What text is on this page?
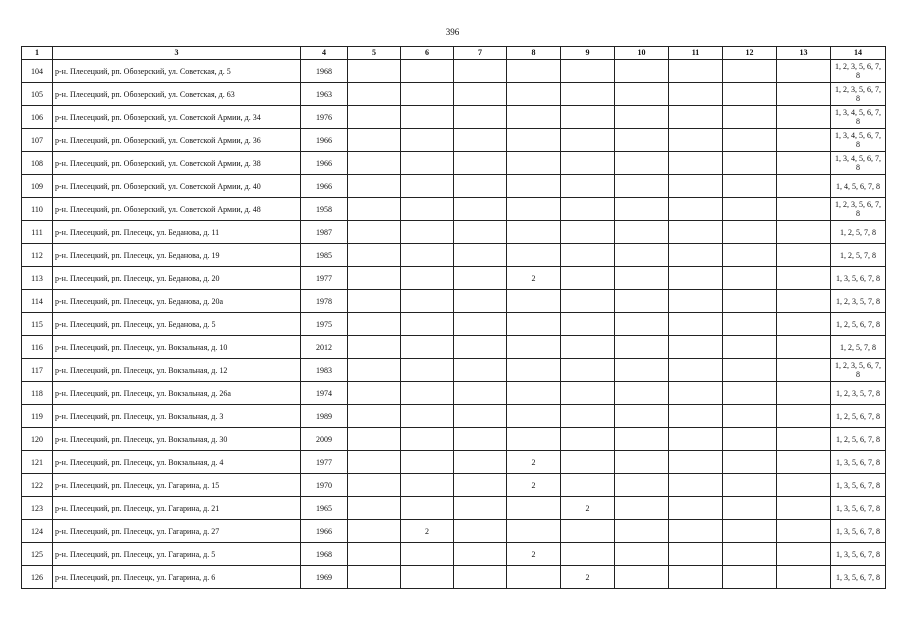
396
1	3	4	5	6	7	8	9	10	11	12	13	14
104	р-н. Плесецкий, рп. Обозерский, ул. Советская, д. 5	1968										1, 2, 3, 5, 6, 7, 8
105	р-н. Плесецкий, рп. Обозерский, ул. Советская, д. 63	1963										1, 2, 3, 5, 6, 7, 8
106	р-н. Плесецкий, рп. Обозерский, ул. Советской Армии, д. 34	1976										1, 3, 4, 5, 6, 7, 8
107	р-н. Плесецкий, рп. Обозерский, ул. Советской Армии, д. 36	1966										1, 3, 4, 5, 6, 7, 8
108	р-н. Плесецкий, рп. Обозерский, ул. Советской Армии, д. 38	1966										1, 3, 4, 5, 6, 7, 8
109	р-н. Плесецкий, рп. Обозерский, ул. Советской Армии, д. 40	1966										1, 4, 5, 6, 7, 8
110	р-н. Плесецкий, рп. Обозерский, ул. Советской Армии, д. 48	1958										1, 2, 3, 5, 6, 7, 8
111	р-н. Плесецкий, рп. Плесецк, ул. Беданова, д. 11	1987										1, 2, 5, 7, 8
112	р-н. Плесецкий, рп. Плесецк, ул. Беданова, д. 19	1985										1, 2, 5, 7, 8
113	р-н. Плесецкий, рп. Плесецк, ул. Беданова, д. 20	1977				2						1, 3, 5, 6, 7, 8
114	р-н. Плесецкий, рп. Плесецк, ул. Беданова, д. 20а	1978										1, 2, 3, 5, 7, 8
115	р-н. Плесецкий, рп. Плесецк, ул. Беданова, д. 5	1975										1, 2, 5, 6, 7, 8
116	р-н. Плесецкий, рп. Плесецк, ул. Вокзальная, д. 10	2012										1, 2, 5, 7, 8
117	р-н. Плесецкий, рп. Плесецк, ул. Вокзальная, д. 12	1983										1, 2, 3, 5, 6, 7, 8
118	р-н. Плесецкий, рп. Плесецк, ул. Вокзальная, д. 26а	1974										1, 2, 3, 5, 7, 8
119	р-н. Плесецкий, рп. Плесецк, ул. Вокзальная, д. 3	1989										1, 2, 5, 6, 7, 8
120	р-н. Плесецкий, рп. Плесецк, ул. Вокзальная, д. 30	2009										1, 2, 5, 6, 7, 8
121	р-н. Плесецкий, рп. Плесецк, ул. Вокзальная, д. 4	1977				2						1, 3, 5, 6, 7, 8
122	р-н. Плесецкий, рп. Плесецк, ул. Гагарина, д. 15	1970				2						1, 3, 5, 6, 7, 8
123	р-н. Плесецкий, рп. Плесецк, ул. Гагарина, д. 21	1965					2					1, 3, 5, 6, 7, 8
124	р-н. Плесецкий, рп. Плесецк, ул. Гагарина, д. 27	1966		2								1, 3, 5, 6, 7, 8
125	р-н. Плесецкий, рп. Плесецк, ул. Гагарина, д. 5	1968				2						1, 3, 5, 6, 7, 8
126	р-н. Плесецкий, рп. Плесецк, ул. Гагарина, д. 6	1969					2					1, 3, 5, 6, 7, 8
